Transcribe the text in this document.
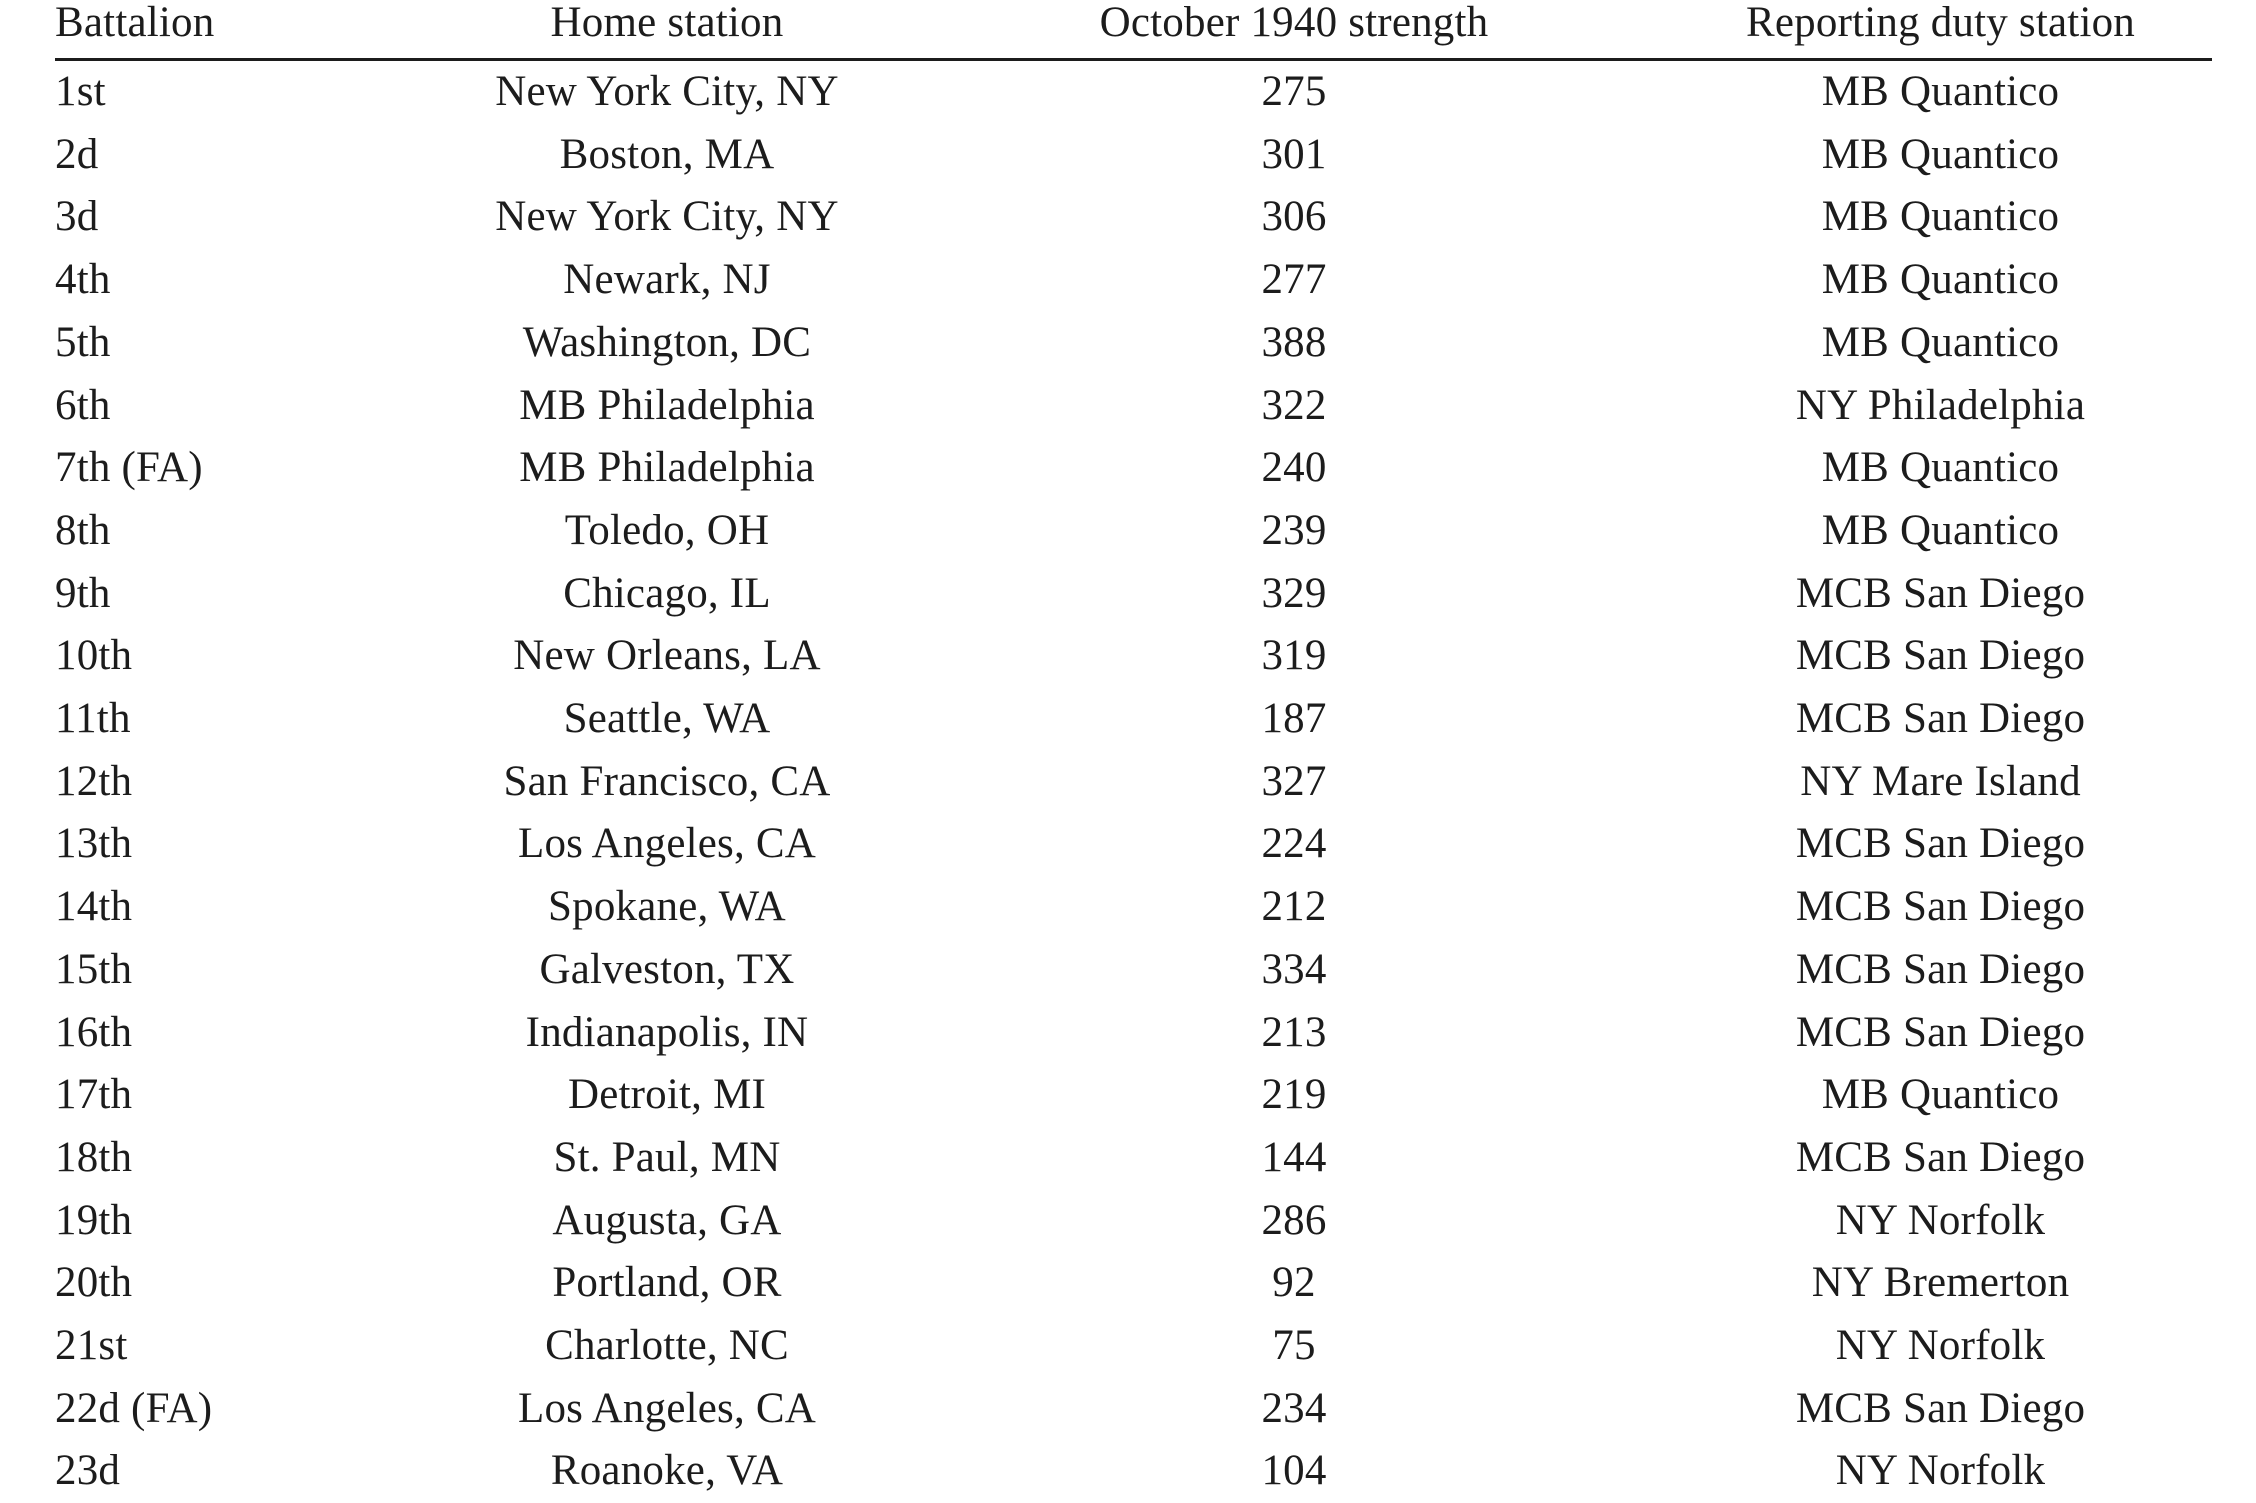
Battalion	Home station	October 1940 strength	Reporting duty station
1st	New York City, NY	275	MB Quantico
2d	Boston, MA	301	MB Quantico
3d	New York City, NY	306	MB Quantico
4th	Newark, NJ	277	MB Quantico
5th	Washington, DC	388	MB Quantico
6th	MB Philadelphia	322	NY Philadelphia
7th (FA)	MB Philadelphia	240	MB Quantico
8th	Toledo, OH	239	MB Quantico
9th	Chicago, IL	329	MCB San Diego
10th	New Orleans, LA	319	MCB San Diego
11th	Seattle, WA	187	MCB San Diego
12th	San Francisco, CA	327	NY Mare Island
13th	Los Angeles, CA	224	MCB San Diego
14th	Spokane, WA	212	MCB San Diego
15th	Galveston, TX	334	MCB San Diego
16th	Indianapolis, IN	213	MCB San Diego
17th	Detroit, MI	219	MB Quantico
18th	St. Paul, MN	144	MCB San Diego
19th	Augusta, GA	286	NY Norfolk
20th	Portland, OR	92	NY Bremerton
21st	Charlotte, NC	75	NY Norfolk
22d (FA)	Los Angeles, CA	234	MCB San Diego
23d	Roanoke, VA	104	NY Norfolk
